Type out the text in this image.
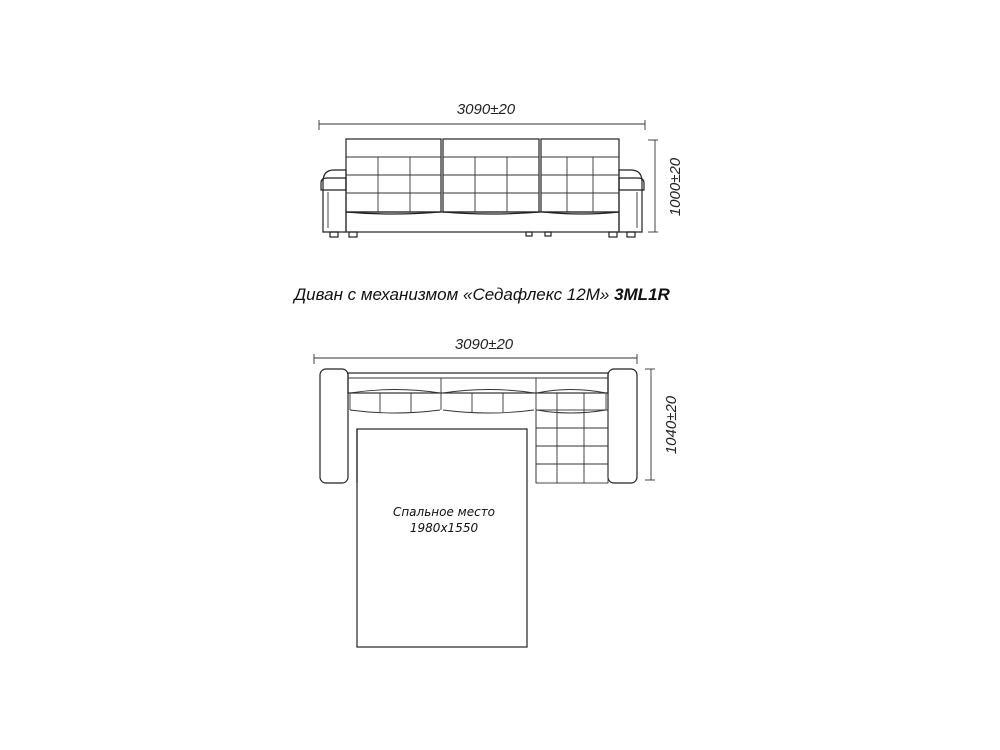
3090±20
1000±20
Диван с механизмом «Седафлекс 12М» 3ML1R
3090±20
1040±20
Спальное место
1980х1550
